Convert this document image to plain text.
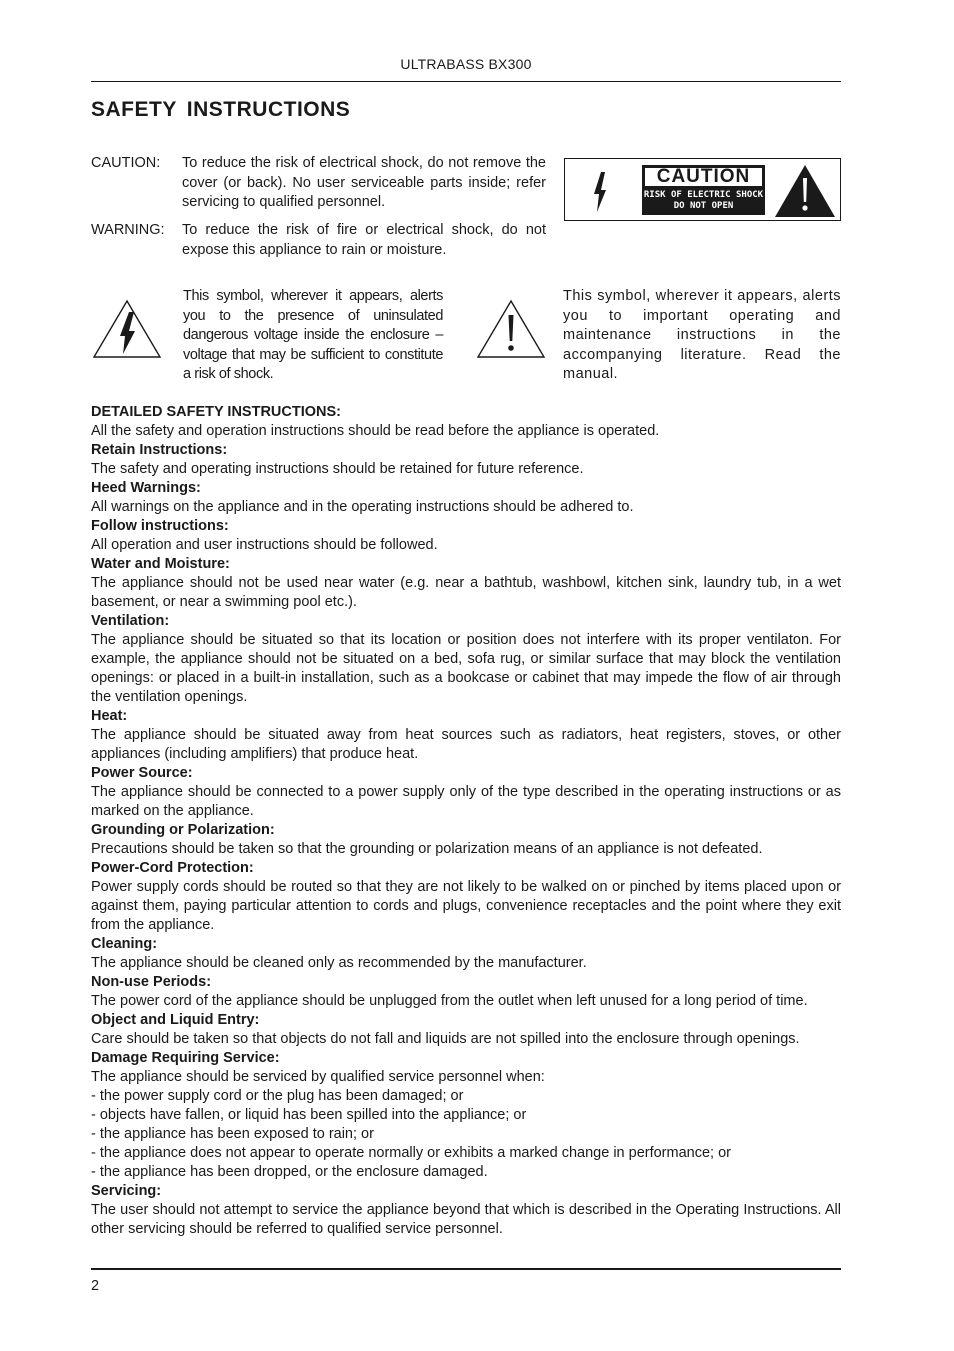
ULTRABASS BX300
SAFETY INSTRUCTIONS
CAUTION:	To reduce the risk of electrical shock, do not remove the cover (or back). No user serviceable parts inside; refer servicing to qualified personnel.
WARNING:	To reduce the risk of fire or electrical shock, do not expose this appliance to rain or moisture.
CAUTION
RISK OF ELECTRIC SHOCK
DO NOT OPEN
This symbol, wherever it appears, alerts you to the presence of uninsulated dangerous voltage inside the enclosure – voltage that may be sufficient to constitute a risk of shock.
This symbol, wherever it appears, alerts you to important operating and maintenance instructions in the accompanying literature. Read the manual.
DETAILED SAFETY INSTRUCTIONS:

All the safety and operation instructions should be read before the appliance is operated.

Retain Instructions:

The safety and operating instructions should be retained for future reference.

Heed Warnings:

All warnings on the appliance and in the operating instructions should be adhered to.

Follow instructions:

All operation and user instructions should be followed.

Water and Moisture:

The appliance should not be used near water (e.g. near a bathtub, washbowl, kitchen sink, laundry tub, in a wet basement, or near a swimming pool etc.).

Ventilation:

The appliance should be situated so that its location or position does not interfere with its proper ventilaton. For example, the appliance should not be situated on a bed, sofa rug, or similar surface that may block the ventilation openings: or placed in a built-in installation, such as a bookcase or cabinet that may impede the flow of air through the ventilation openings.

Heat:

The appliance should be situated away from heat sources such as radiators, heat registers, stoves, or other appliances (including amplifiers) that produce heat.

Power Source:

The appliance should be connected to a power supply only of the type described in the operating instructions or as marked on the appliance.

Grounding or Polarization:

Precautions should be taken so that the grounding or polarization means of an appliance is not defeated.

Power-Cord Protection:

Power supply cords should be routed so that they are not likely to be walked on or pinched by items placed upon or against them, paying particular attention to cords and plugs, convenience receptacles and the point where they exit from the appliance.

Cleaning:

The appliance should be cleaned only as recommended by the manufacturer.

Non-use Periods:

The power cord of the appliance should be unplugged from the outlet when left unused for a long period of time.

Object and Liquid Entry:

Care should be taken so that objects do not fall and liquids are not spilled into the enclosure through openings.

Damage Requiring Service:

The appliance should be serviced by qualified service personnel when:

- the power supply cord or the plug has been damaged; or

- objects have fallen, or liquid has been spilled into the appliance; or

- the appliance has been exposed to rain; or

- the appliance does not appear to operate normally or exhibits a marked change in performance; or

- the appliance has been dropped, or the enclosure damaged.

Servicing:

The user should not attempt to service the appliance beyond that which is described in the Operating Instructions. All other servicing should be referred to qualified service personnel.

2
